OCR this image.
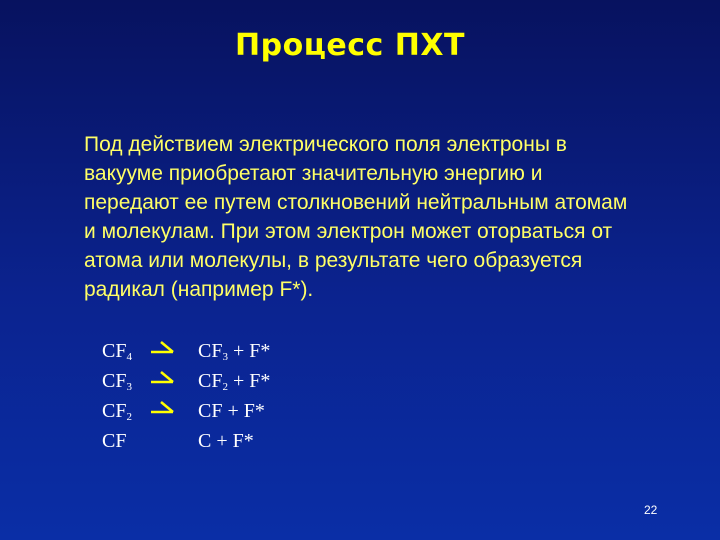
Процесс ПХТ
Под действием электрического поля электроны в
вакууме приобретают значительную энергию и
передают ее путем столкновений нейтральным атомам
и молекулам. При этом электрон может оторваться от
атома или молекулы, в результате чего образуется
радикал (например F*).
$CF_4 \to CF_3 + F*$
$CF_3 \to CF_2 + F*$
$CF_2$ → CF + F*
CF	C + F*
22
